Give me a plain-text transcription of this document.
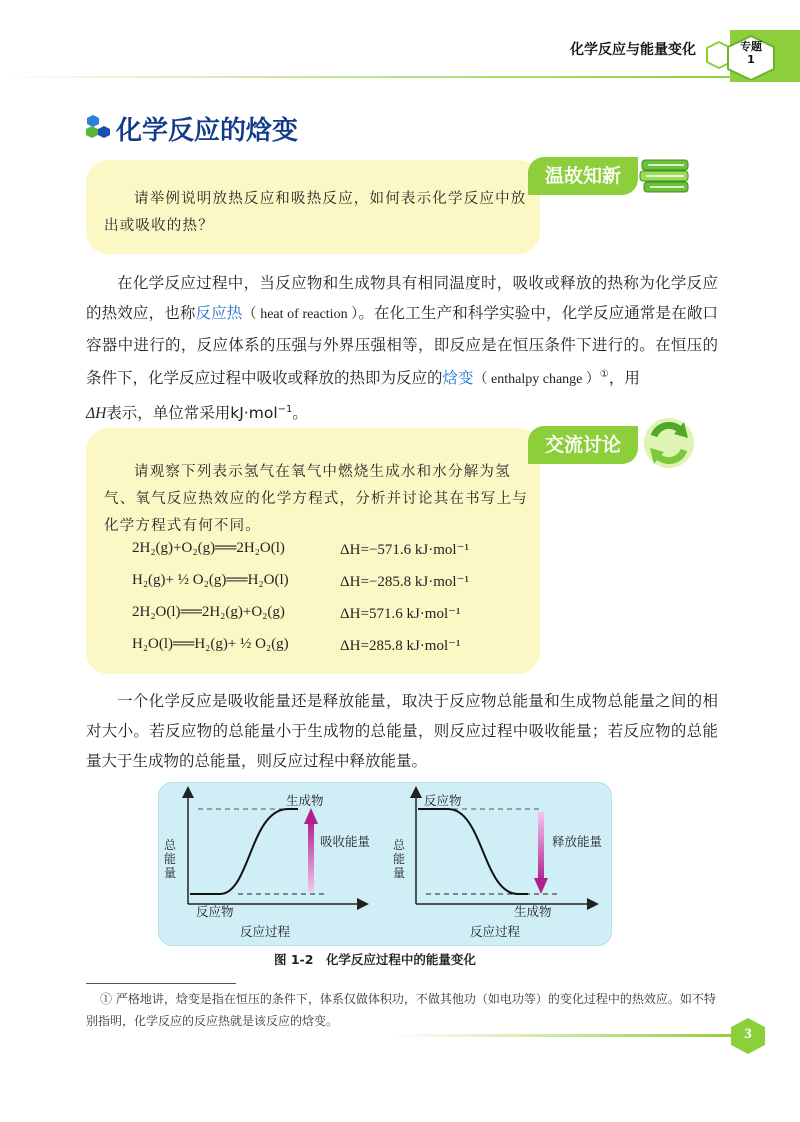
化学反应与能量变化	专题
1
化学反应的焓变
温故知新
请举例说明放热反应和吸热反应，如何表示化学反应中放出或吸收的热？
在化学反应过程中，当反应物和生成物具有相同温度时，吸收或释放的热称为化学反应的热效应，也称反应热（ heat of reaction ）。在化工生产和科学实验中，化学反应通常是在敞口容器中进行的，反应体系的压强与外界压强相等，即反应是在恒压条件下进行的。在恒压的条件下，化学反应过程中吸收或释放的热即为反应的焓变（ enthalpy change ）①，用
ΔH表示，单位常采用kJ·mol$^{-1}$。
交流讨论
请观察下列表示氢气在氧气中燃烧生成水和水分解为氢气、氧气反应热效应的化学方程式，分析并讨论其在书写上与化学方程式有何不同。
2H₂(g)+O₂(g)══2H₂O(l)	ΔH=−571.6 kJ·mol⁻¹
H₂(g)+ ½ O₂(g)══H₂O(l)	ΔH=−285.8 kJ·mol⁻¹
2H₂O(l)══2H₂(g)+O₂(g)	ΔH=571.6 kJ·mol⁻¹
H₂O(l)══H₂(g)+ ½ O₂(g)	ΔH=285.8 kJ·mol⁻¹
一个化学反应是吸收能量还是释放能量，取决于反应物总能量和生成物总能量之间的相对大小。若反应物的总能量小于生成物的总能量，则反应过程中吸收能量；若反应物的总能量大于生成物的总能量，则反应过程中释放能量。
总能量
反应过程
反应物
生成物
吸收能量 总能量
反应过程
反应物
生成物
释放能量
图 1-2　化学反应过程中的能量变化
① 严格地讲，焓变是指在恒压的条件下，体系仅做体积功，不做其他功（如电功等）的变化过程中的热效应。如不特别指明，化学反应的反应热就是该反应的焓变。
3
